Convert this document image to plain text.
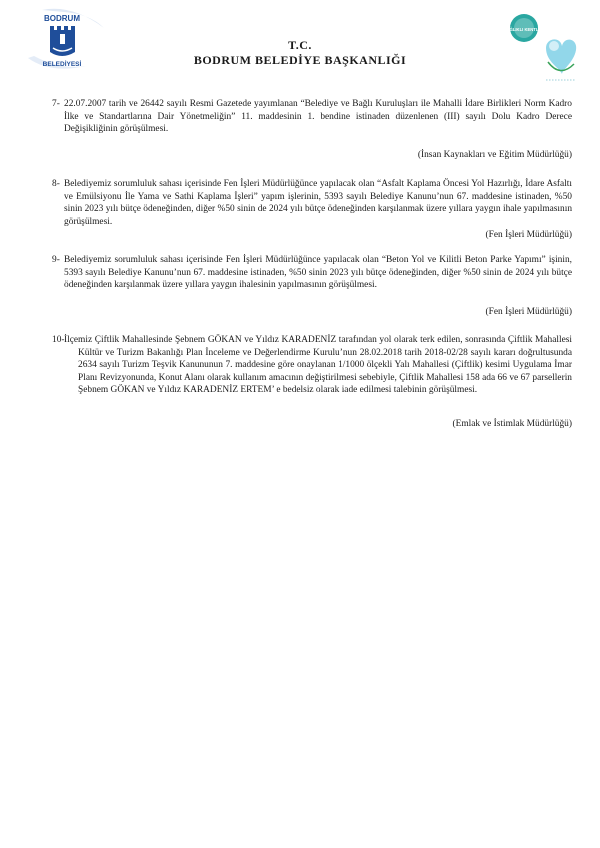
BODRUM
BELEDİYESİ
SAĞLIKLI KENTLER
T.C.
BODRUM BELEDİYE BAŞKANLIĞI
7- 22.07.2007 tarih ve 26442 sayılı Resmi Gazetede yayımlanan “Belediye ve Bağlı Kuruluşları ile Mahalli İdare Birlikleri Norm Kadro İlke ve Standartlarına Dair Yönetmeliğin” 11. maddesinin 1. bendine istinaden düzenlenen (III) sayılı Dolu Kadro Derece Değişikliğinin görüşülmesi.
(İnsan Kaynakları ve Eğitim Müdürlüğü)
8- Belediyemiz sorumluluk sahası içerisinde Fen İşleri Müdürlüğünce yapılacak olan “Asfalt Kaplama Öncesi Yol Hazırlığı, İdare Asfaltı ve Emülsiyonu İle Yama ve Sathi Kaplama İşleri” yapım işlerinin, 5393 sayılı Belediye Kanunu’nun 67. maddesine istinaden, %50 sinin 2023 yılı bütçe ödeneğinden, diğer %50 sinin de 2024 yılı bütçe ödeneğinden karşılanmak üzere yıllara yaygın ihale yapılmasının görüşülmesi.
(Fen İşleri Müdürlüğü)
9- Belediyemiz sorumluluk sahası içerisinde Fen İşleri Müdürlüğünce yapılacak olan “Beton Yol ve Kilitli Beton Parke Yapımı” işinin, 5393 sayılı Belediye Kanunu’nun 67. maddesine istinaden, %50 sinin 2023 yılı bütçe ödeneğinden, diğer %50 sinin de 2024 yılı bütçe ödeneğinden karşılanmak üzere yıllara yaygın ihalesinin yapılmasının görüşülmesi.
(Fen İşleri Müdürlüğü)
10- İlçemiz Çiftlik Mahallesinde Şebnem GÖKAN ve Yıldız KARADENİZ tarafından yol olarak terk edilen, sonrasında Çiftlik Mahallesi Kültür ve Turizm Bakanlığı Plan İnceleme ve Değerlendirme Kurulu’nun 28.02.2018 tarih 2018-02/28 sayılı kararı doğrultusunda 2634 sayılı Turizm Teşvik Kanununun 7. maddesine göre onaylanan 1/1000 ölçekli Yalı Mahallesi (Çiftlik) kesimi Uygulama İmar Planı Revizyonunda, Konut Alanı olarak kullanım amacının değiştirilmesi sebebiyle, Çiftlik Mahallesi 158 ada 66 ve 67 parsellerin Şebnem GÖKAN ve Yıldız KARADENİZ ERTEM’ e bedelsiz olarak iade edilmesi talebinin görüşülmesi.
(Emlak ve İstimlak Müdürlüğü)
